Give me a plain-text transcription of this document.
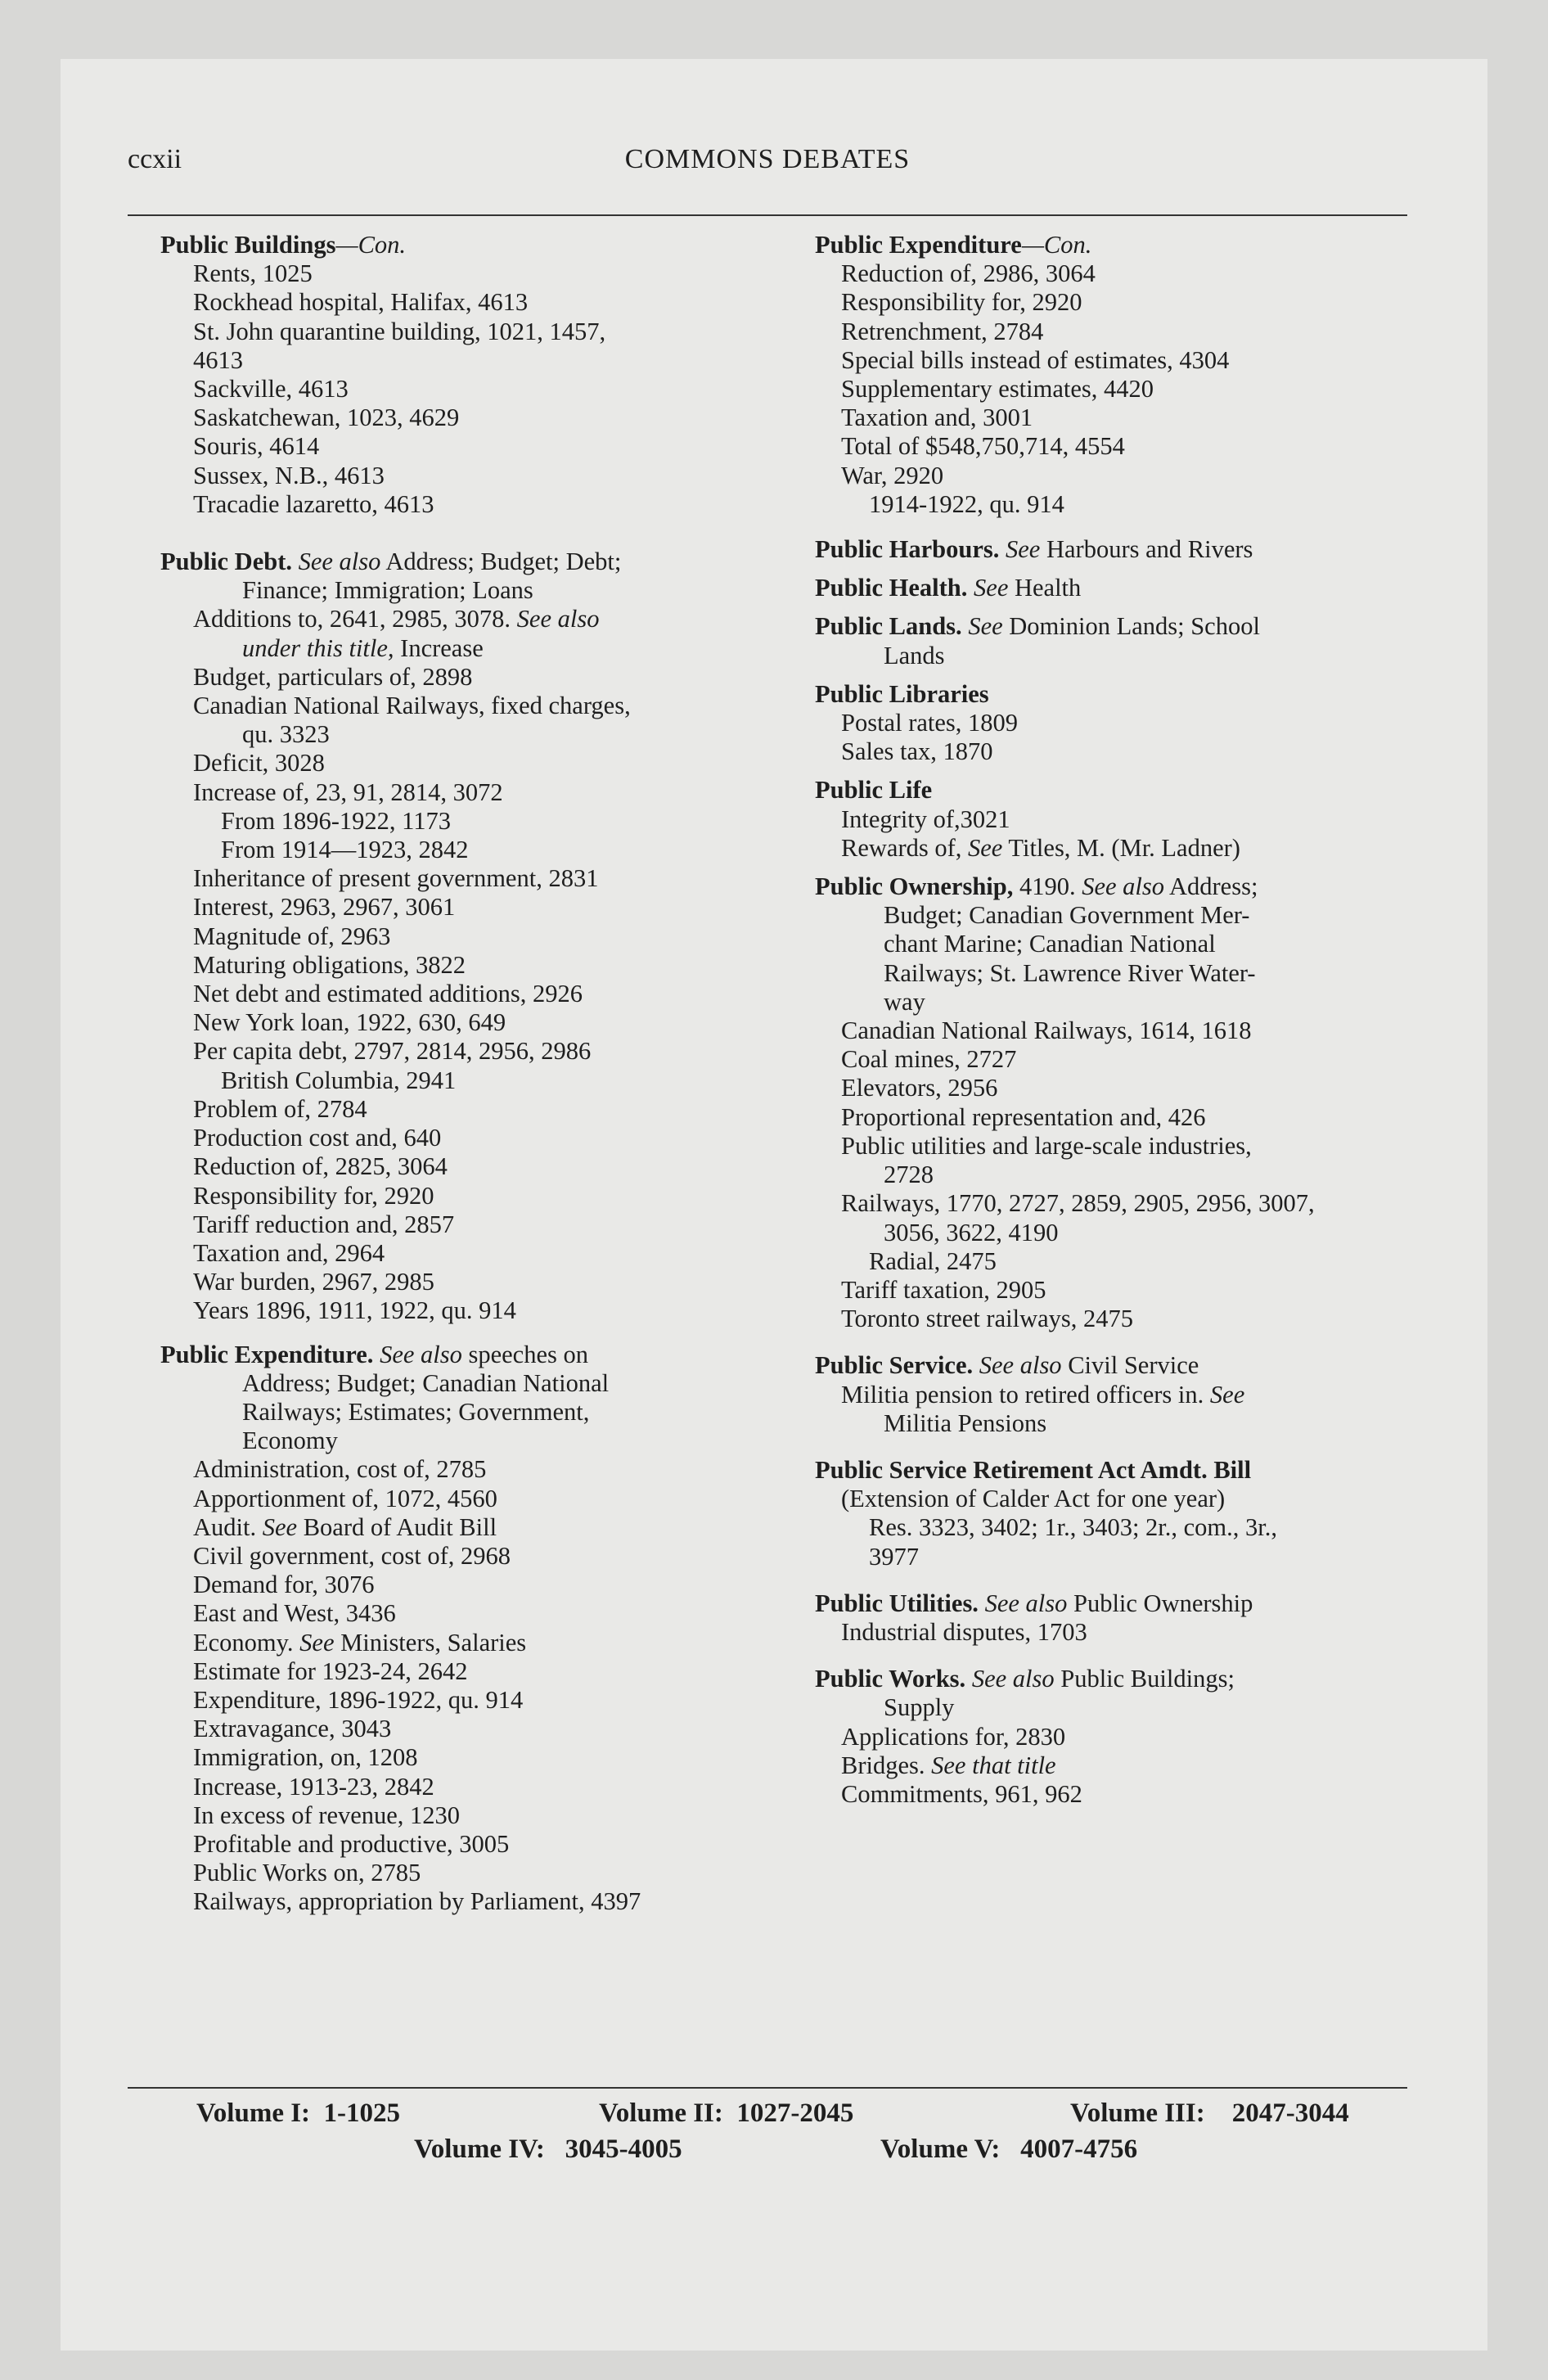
ccxii	COMMONS DEBATES
Public Buildings—Con.
Rents, 1025
Rockhead hospital, Halifax, 4613
St. John quarantine building, 1021, 1457,
4613
Sackville, 4613
Saskatchewan, 1023, 4629
Souris, 4614
Sussex, N.B., 4613
Tracadie lazaretto, 4613
Public Debt. See also Address; Budget; Debt;
Finance; Immigration; Loans
Additions to, 2641, 2985, 3078. See also
under this title, Increase
Budget, particulars of, 2898
Canadian National Railways, fixed charges,
qu. 3323
Deficit, 3028
Increase of, 23, 91, 2814, 3072
From 1896-1922, 1173
From 1914—1923, 2842
Inheritance of present government, 2831
Interest, 2963, 2967, 3061
Magnitude of, 2963
Maturing obligations, 3822
Net debt and estimated additions, 2926
New York loan, 1922, 630, 649
Per capita debt, 2797, 2814, 2956, 2986
British Columbia, 2941
Problem of, 2784
Production cost and, 640
Reduction of, 2825, 3064
Responsibility for, 2920
Tariff reduction and, 2857
Taxation and, 2964
War burden, 2967, 2985
Years 1896, 1911, 1922, qu. 914
Public Expenditure. See also speeches on
Address; Budget; Canadian National
Railways; Estimates; Government,
Economy
Administration, cost of, 2785
Apportionment of, 1072, 4560
Audit. See Board of Audit Bill
Civil government, cost of, 2968
Demand for, 3076
East and West, 3436
Economy. See Ministers, Salaries
Estimate for 1923-24, 2642
Expenditure, 1896-1922, qu. 914
Extravagance, 3043
Immigration, on, 1208
Increase, 1913-23, 2842
In excess of revenue, 1230
Profitable and productive, 3005
Public Works on, 2785
Railways, appropriation by Parliament, 4397
Public Expenditure—Con.
Reduction of, 2986, 3064
Responsibility for, 2920
Retrenchment, 2784
Special bills instead of estimates, 4304
Supplementary estimates, 4420
Taxation and, 3001
Total of $548,750,714, 4554
War, 2920
1914-1922, qu. 914
Public Harbours. See Harbours and Rivers
Public Health. See Health
Public Lands. See Dominion Lands; School
Lands
Public Libraries
Postal rates, 1809
Sales tax, 1870
Public Life
Integrity of,3021
Rewards of, See Titles, M. (Mr. Ladner)
Public Ownership, 4190. See also Address;
Budget; Canadian Government Mer-
chant Marine; Canadian National
Railways; St. Lawrence River Water-
way
Canadian National Railways, 1614, 1618
Coal mines, 2727
Elevators, 2956
Proportional representation and, 426
Public utilities and large-scale industries,
2728
Railways, 1770, 2727, 2859, 2905, 2956, 3007,
3056, 3622, 4190
Radial, 2475
Tariff taxation, 2905
Toronto street railways, 2475
Public Service. See also Civil Service
Militia pension to retired officers in. See
Militia Pensions
Public Service Retirement Act Amdt. Bill
(Extension of Calder Act for one year)
Res. 3323, 3402; 1r., 3403; 2r., com., 3r.,
3977
Public Utilities. See also Public Ownership
Industrial disputes, 1703
Public Works. See also Public Buildings;
Supply
Applications for, 2830
Bridges. See that title
Commitments, 961, 962
Volume I: 1-1025	Volume II: 1027-2045	Volume III: 2047-3044
Volume IV: 3045-4005	Volume V: 4007-4756
